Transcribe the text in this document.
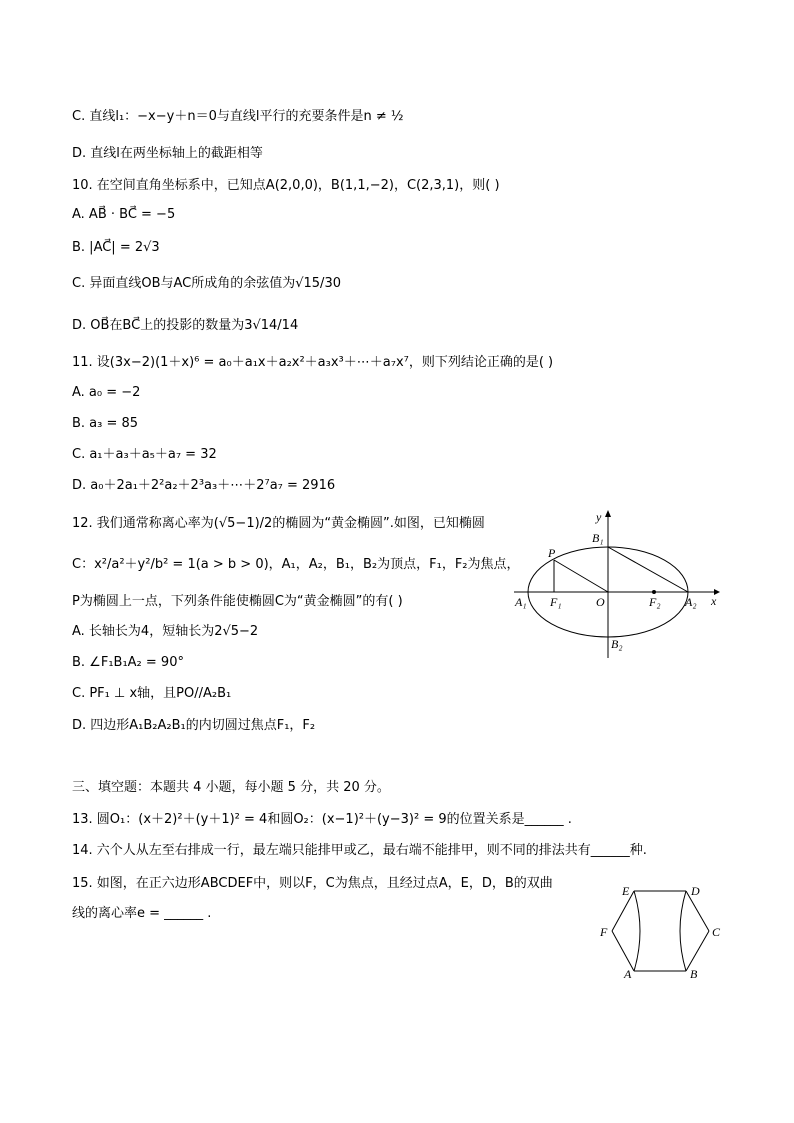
C. 直线l₁：−x−y＋n＝0与直线l平行的充要条件是n ≠ ½
D. 直线l在两坐标轴上的截距相等
10. 在空间直角坐标系中，已知点A(2,0,0)，B(1,1,−2)，C(2,3,1)，则( )
A. AB⃗ · BC⃗ = −5
B. |AC⃗| = 2√3
C. 异面直线OB与AC所成角的余弦值为√15/30
D. OB⃗在BC⃗上的投影的数量为3√14/14
11. 设(3x−2)(1＋x)⁶ = a₀＋a₁x＋a₂x²＋a₃x³＋⋯＋a₇x⁷，则下列结论正确的是( )
A. a₀ = −2
B. a₃ = 85
C. a₁＋a₃＋a₅＋a₇ = 32
D. a₀＋2a₁＋2²a₂＋2³a₃＋⋯＋2⁷a₇ = 2916
12. 我们通常称离心率为(√5−1)/2的椭圆为“黄金椭圆”.如图，已知椭圆
C：x²/a²＋y²/b² = 1(a > b > 0)，A₁，A₂，B₁，B₂为顶点，F₁，F₂为焦点，
P为椭圆上一点，下列条件能使椭圆C为“黄金椭圆”的有( )
A. 长轴长为4，短轴长为2√5−2
B. ∠F₁B₁A₂ = 90°
C. PF₁ ⊥ x轴，且PO//A₂B₁
D. 四边形A₁B₂A₂B₁的内切圆过焦点F₁，F₂
y
x
B₁
B₂
P
A₁	A₂
F₁	F₂
O
三、填空题：本题共 4 小题，每小题 5 分，共 20 分。
13. 圆O₁：(x＋2)²＋(y＋1)² = 4和圆O₂：(x−1)²＋(y−3)² = 9的位置关系是______ .
14. 六个人从左至右排成一行，最左端只能排甲或乙，最右端不能排甲，则不同的排法共有______种.
15. 如图，在正六边形ABCDEF中，则以F，C为焦点，且经过点A，E，D，B的双曲
线的离心率e = ______ .
E	D
F	C
A	B
